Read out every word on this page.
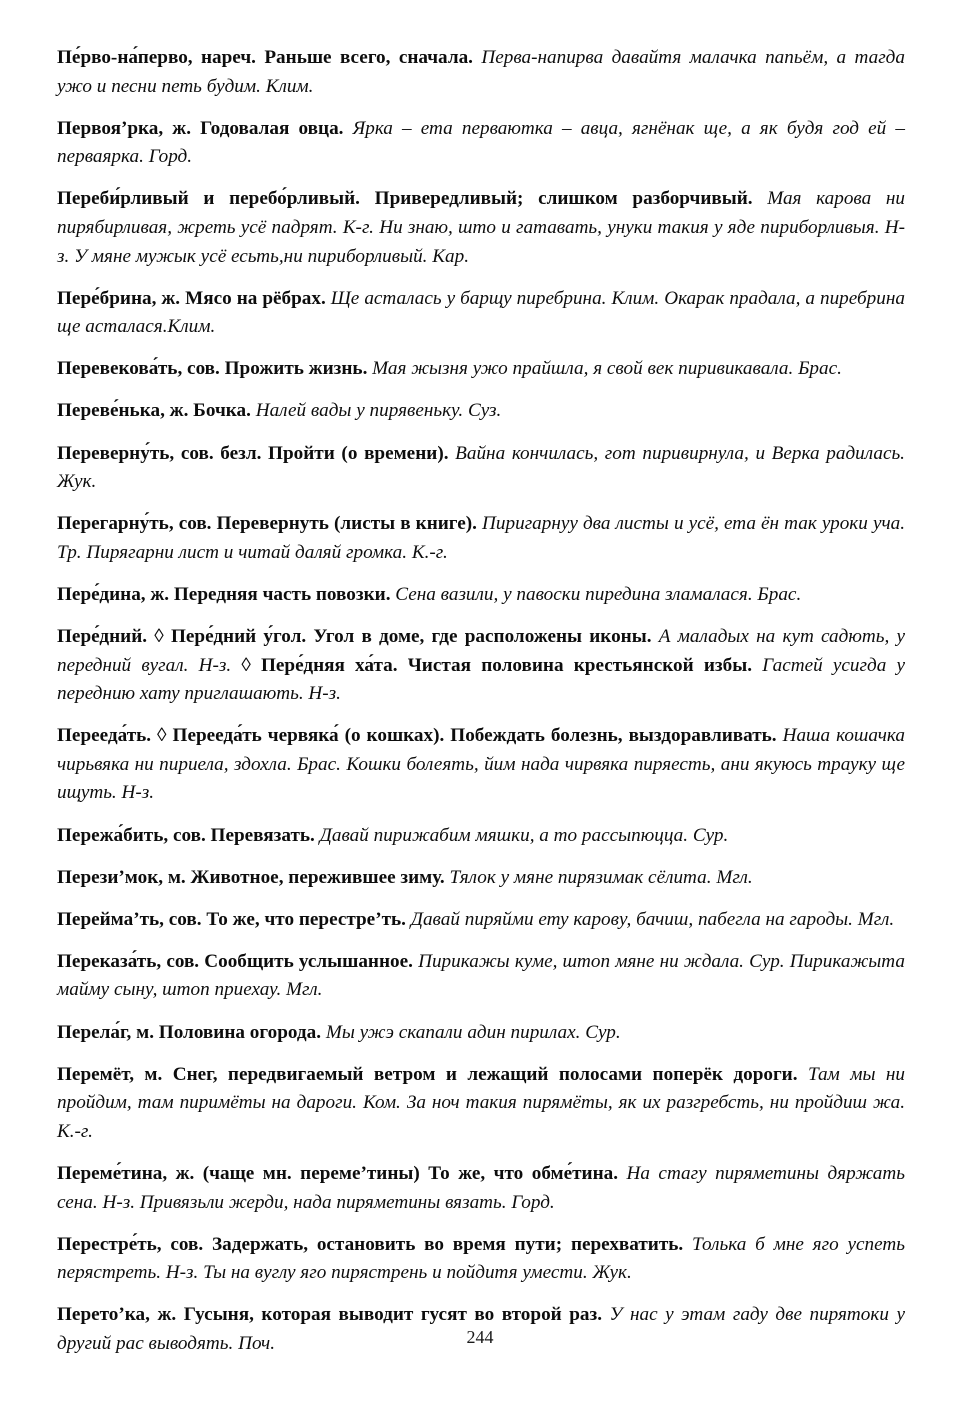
Пе́рво-на́перво, нареч. Раньше всего, сначала. Перва-напирва давайтя малачка папьём, а тагда ужо и песни петь будим. Клим.

Первоя’рка, ж. Годовалая овца. Ярка – ета перваютка – авца, ягнёнак ще, а як будя год ей – перваярка. Горд.

Переби́рливый и перебо́рливый. Привередливый; слишком разборчивый. Мая карова ни пирябирливая, жреть усё падрят. К-г. Ни знаю, што и гатавать, унуки такия у яде пириборливыя. Н-з. У мяне мужык усё есьть,ни пириборливый. Кар.

Пере́брина, ж. Мясо на рёбрах. Ще асталась у барщу пиребрина. Клим. Окарак прадала, а пиребрина ще асталася.Клим.

Перевекова́ть, сов. Прожить жизнь. Мая жызня ужо прайшла, я свой век пиривикавала. Брас.

Переве́нька, ж. Бочка. Налей вады у пирявеньку. Суз.

Переверну́ть, сов. безл. Пройти (о времени). Вайна кончилась, гот пиривирнула, и Верка радилась. Жук.

Перегарну́ть, сов. Перевернуть (листы в книге). Пиригарнуу два листы и усё, ета ён так уроки уча. Тр. Пирягарни лист и читай даляй громка. К.-г.

Пере́дина, ж. Передняя часть повозки. Сена вазили, у павоски пиредина зламалася. Брас.

Пере́дний. ◊ Пере́дний у́гол. Угол в доме, где расположены иконы. А маладых на кут садють, у передний вугал. Н-з. ◊ Пере́дняя ха́та. Чистая половина крестьянской избы. Гастей усигда у переднию хату приглашають. Н-з.

Перееда́ть. ◊ Перееда́ть червяка́ (о кошках). Побеждать болезнь, выздоравливать. Наша кошачка чирьвяка ни пириела, здохла. Брас. Кошки болеять, йим нада чирвяка пиряесть, ани якуюсь трауку ще ищуть. Н-з.

Пережа́бить, сов. Перевязать. Давай пирижабим мяшки, а то рассыпюцца. Сур.

Перези’мок, м. Животное, пережившее зиму. Тялок у мяне пирязимак сёлита. Мгл.

Перейма’ть, сов. То же, что перестре’ть. Давай пиряйми ету карову, бачиш, пабегла на гароды. Мгл.

Переказа́ть, сов. Сообщить услышанное. Пирикажы куме, штоп мяне ни ждала. Сур. Пирикажыта майму сыну, штоп приехау. Мгл.

Перела́г, м. Половина огорода. Мы ужэ скапали адин пирилах. Сур.

Перемёт, м. Снег, передвигаемый ветром и лежащий полосами поперёк дороги. Там мы ни пройдим, там пиримёты на дароги. Ком. За ноч такия пирямёты, як их разгребсть, ни пройдиш жа. К.-г.

Переме́тина, ж. (чаще мн. переме’тины) То же, что обме́тина. На стагу пиряметины дяржать сена. Н-з. Привязьли жерди, нада пиряметины вязать. Горд.

Перестре́ть, сов. Задержать, остановить во время пути; перехватить. Толька б мне яго успеть перястреть. Н-з. Ты на вуглу яго пирястрень и пойдитя умести. Жук.

Перето’ка, ж. Гусыня, которая выводит гусят во второй раз. У нас у этам гаду две пирятоки у другий рас выводять. Поч.	244
